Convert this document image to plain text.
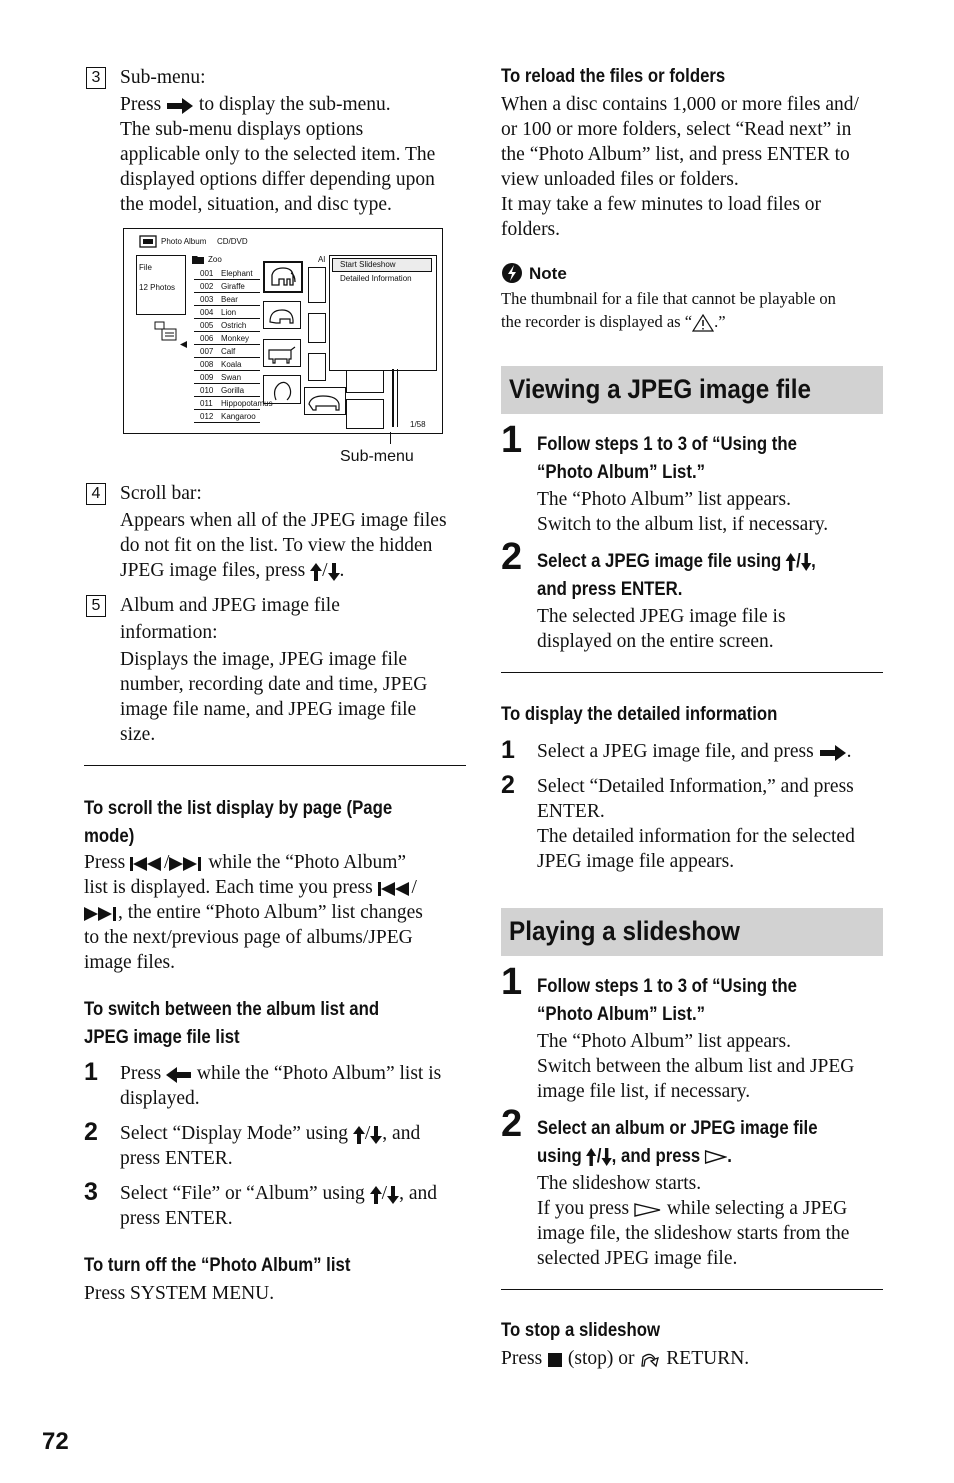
3 Sub-menu:
Press to display the sub-menu.
The sub-menu displays options
applicable only to the selected item. The
displayed options differ depending upon
the model, situation, and disc type.
Photo Album CD/DVD
File
12 Photos
Zoo	Al
001 Elephant
002 Giraffe
003 Bear
004 Lion
005 Ostrich
006 Monkey
007 Calf
008 Koala
009 Swan
010 Gorilla
011 Hippopotamus
012 Kangaroo
Start Slideshow
Detailed Information
1/58
Sub-menu
4 Scroll bar:
Appears when all of the JPEG image files
do not fit on the list. To view the hidden
JPEG image files, press / .
5 Album and JPEG image file
information:
Displays the image, JPEG image file
number, recording date and time, JPEG
image file name, and JPEG image file
size.
To scroll the list display by page (Page
mode)
Press / while the “Photo Album”
list is displayed. Each time you press /
, the entire “Photo Album” list changes
to the next/previous page of albums/JPEG
image files.
To switch between the album list and
JPEG image file list
1 Press while the “Photo Album” list is
displayed.
2 Select “Display Mode” using / , and
press ENTER.
3 Select “File” or “Album” using / , and
press ENTER.
To turn off the “Photo Album” list
Press SYSTEM MENU.
72
To reload the files or folders
When a disc contains 1,000 or more files and/
or 100 or more folders, select “Read next” in
the “Photo Album” list, and press ENTER to
view unloaded files or folders.
It may take a few minutes to load files or
folders.
Note
The thumbnail for a file that cannot be playable on
the recorder is displayed as “ .”
Viewing a JPEG image file
1 Follow steps 1 to 3 of “Using the
“Photo Album” List.”
The “Photo Album” list appears.
Switch to the album list, if necessary.
2 Select a JPEG image file using / ,
and press ENTER.
The selected JPEG image file is
displayed on the entire screen.
To display the detailed information
1 Select a JPEG image file, and press .
2 Select “Detailed Information,” and press
ENTER.
The detailed information for the selected
JPEG image file appears.
Playing a slideshow
1 Follow steps 1 to 3 of “Using the
“Photo Album” List.”
The “Photo Album” list appears.
Switch between the album list and JPEG
image file list, if necessary.
2 Select an album or JPEG image file
using / , and press .
The slideshow starts.
If you press while selecting a JPEG
image file, the slideshow starts from the
selected JPEG image file.
To stop a slideshow
Press (stop) or RETURN.
